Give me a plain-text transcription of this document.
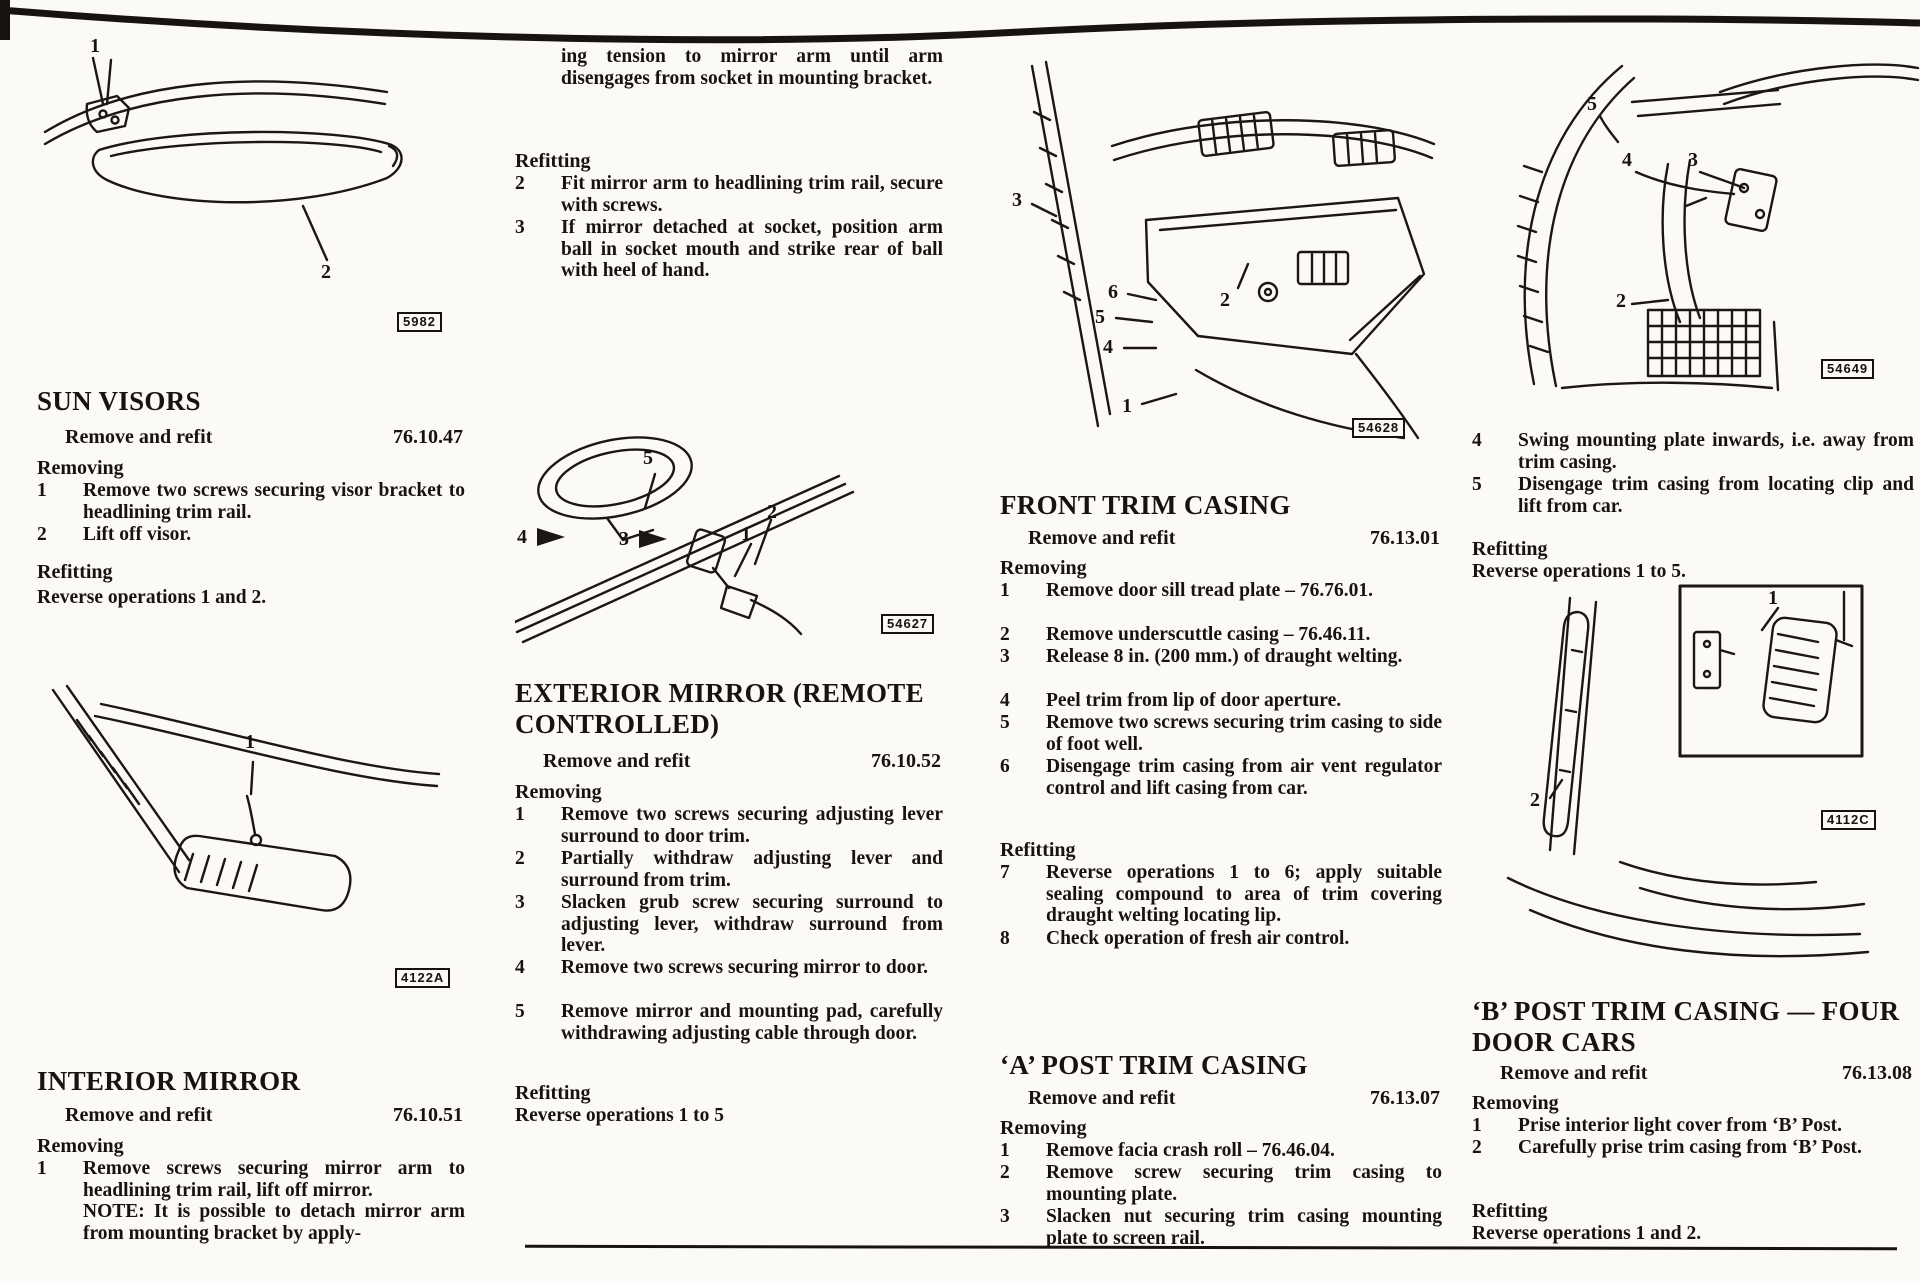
1
2
5982
SUN VISORS
Remove and refit	76.10.47
Removing
1	Remove two screws securing visor bracket to headlining trim rail.
2	Lift off visor.
Refitting
Reverse operations 1 and 2.
1
4122A
INTERIOR MIRROR
Remove and refit	76.10.51
Removing
1	Remove screws securing mirror arm to headlining trim rail, lift off mirror.
NOTE: It is possible to detach mirror arm from mounting bracket by apply-
ing tension to mirror arm until arm disengages from socket in mounting bracket.
Refitting
2	Fit mirror arm to headlining trim rail, secure with screws.
3	If mirror detached at socket, position arm ball in socket mouth and strike rear of ball with heel of hand.
5
4	3
2
1
54627
EXTERIOR MIRROR (REMOTE CONTROLLED)
Remove and refit	76.10.52
Removing
1	Remove two screws securing adjusting lever surround to door trim.
2	Partially withdraw adjusting lever and surround from trim.
3	Slacken grub screw securing surround to adjusting lever, withdraw surround from lever.
4	Remove two screws securing mirror to door.
5	Remove mirror and mounting pad, carefully withdrawing adjusting cable through door.
Refitting
Reverse operations 1 to 5
3
6
5
4
2
1
54628
FRONT TRIM CASING
Remove and refit	76.13.01
Removing
1	Remove door sill tread plate – 76.76.01.
2	Remove underscuttle casing – 76.46.11.
3	Release 8 in. (200 mm.) of draught welting.
4	Peel trim from lip of door aperture.
5	Remove two screws securing trim casing to side of foot well.
6	Disengage trim casing from air vent regulator control and lift casing from car.
Refitting
7	Reverse operations 1 to 6; apply suitable sealing compound to area of trim covering draught welting locating lip.
8	Check operation of fresh air control.
‘A’ POST TRIM CASING
Remove and refit	76.13.07
Removing
1	Remove facia crash roll – 76.46.04.
2	Remove screw securing trim casing to mounting plate.
3	Slacken nut securing trim casing mounting plate to screen rail.
5
4	3
2
54649
4	Swing mounting plate inwards, i.e. away from trim casing.
5	Disengage trim casing from locating clip and lift from car.
Refitting
Reverse operations 1 to 5.
1
2
4112C
‘B’ POST TRIM CASING — FOUR DOOR CARS
Remove and refit	76.13.08
Removing
1	Prise interior light cover from ‘B’ Post.
2	Carefully prise trim casing from ‘B’ Post.
Refitting
Reverse operations 1 and 2.
